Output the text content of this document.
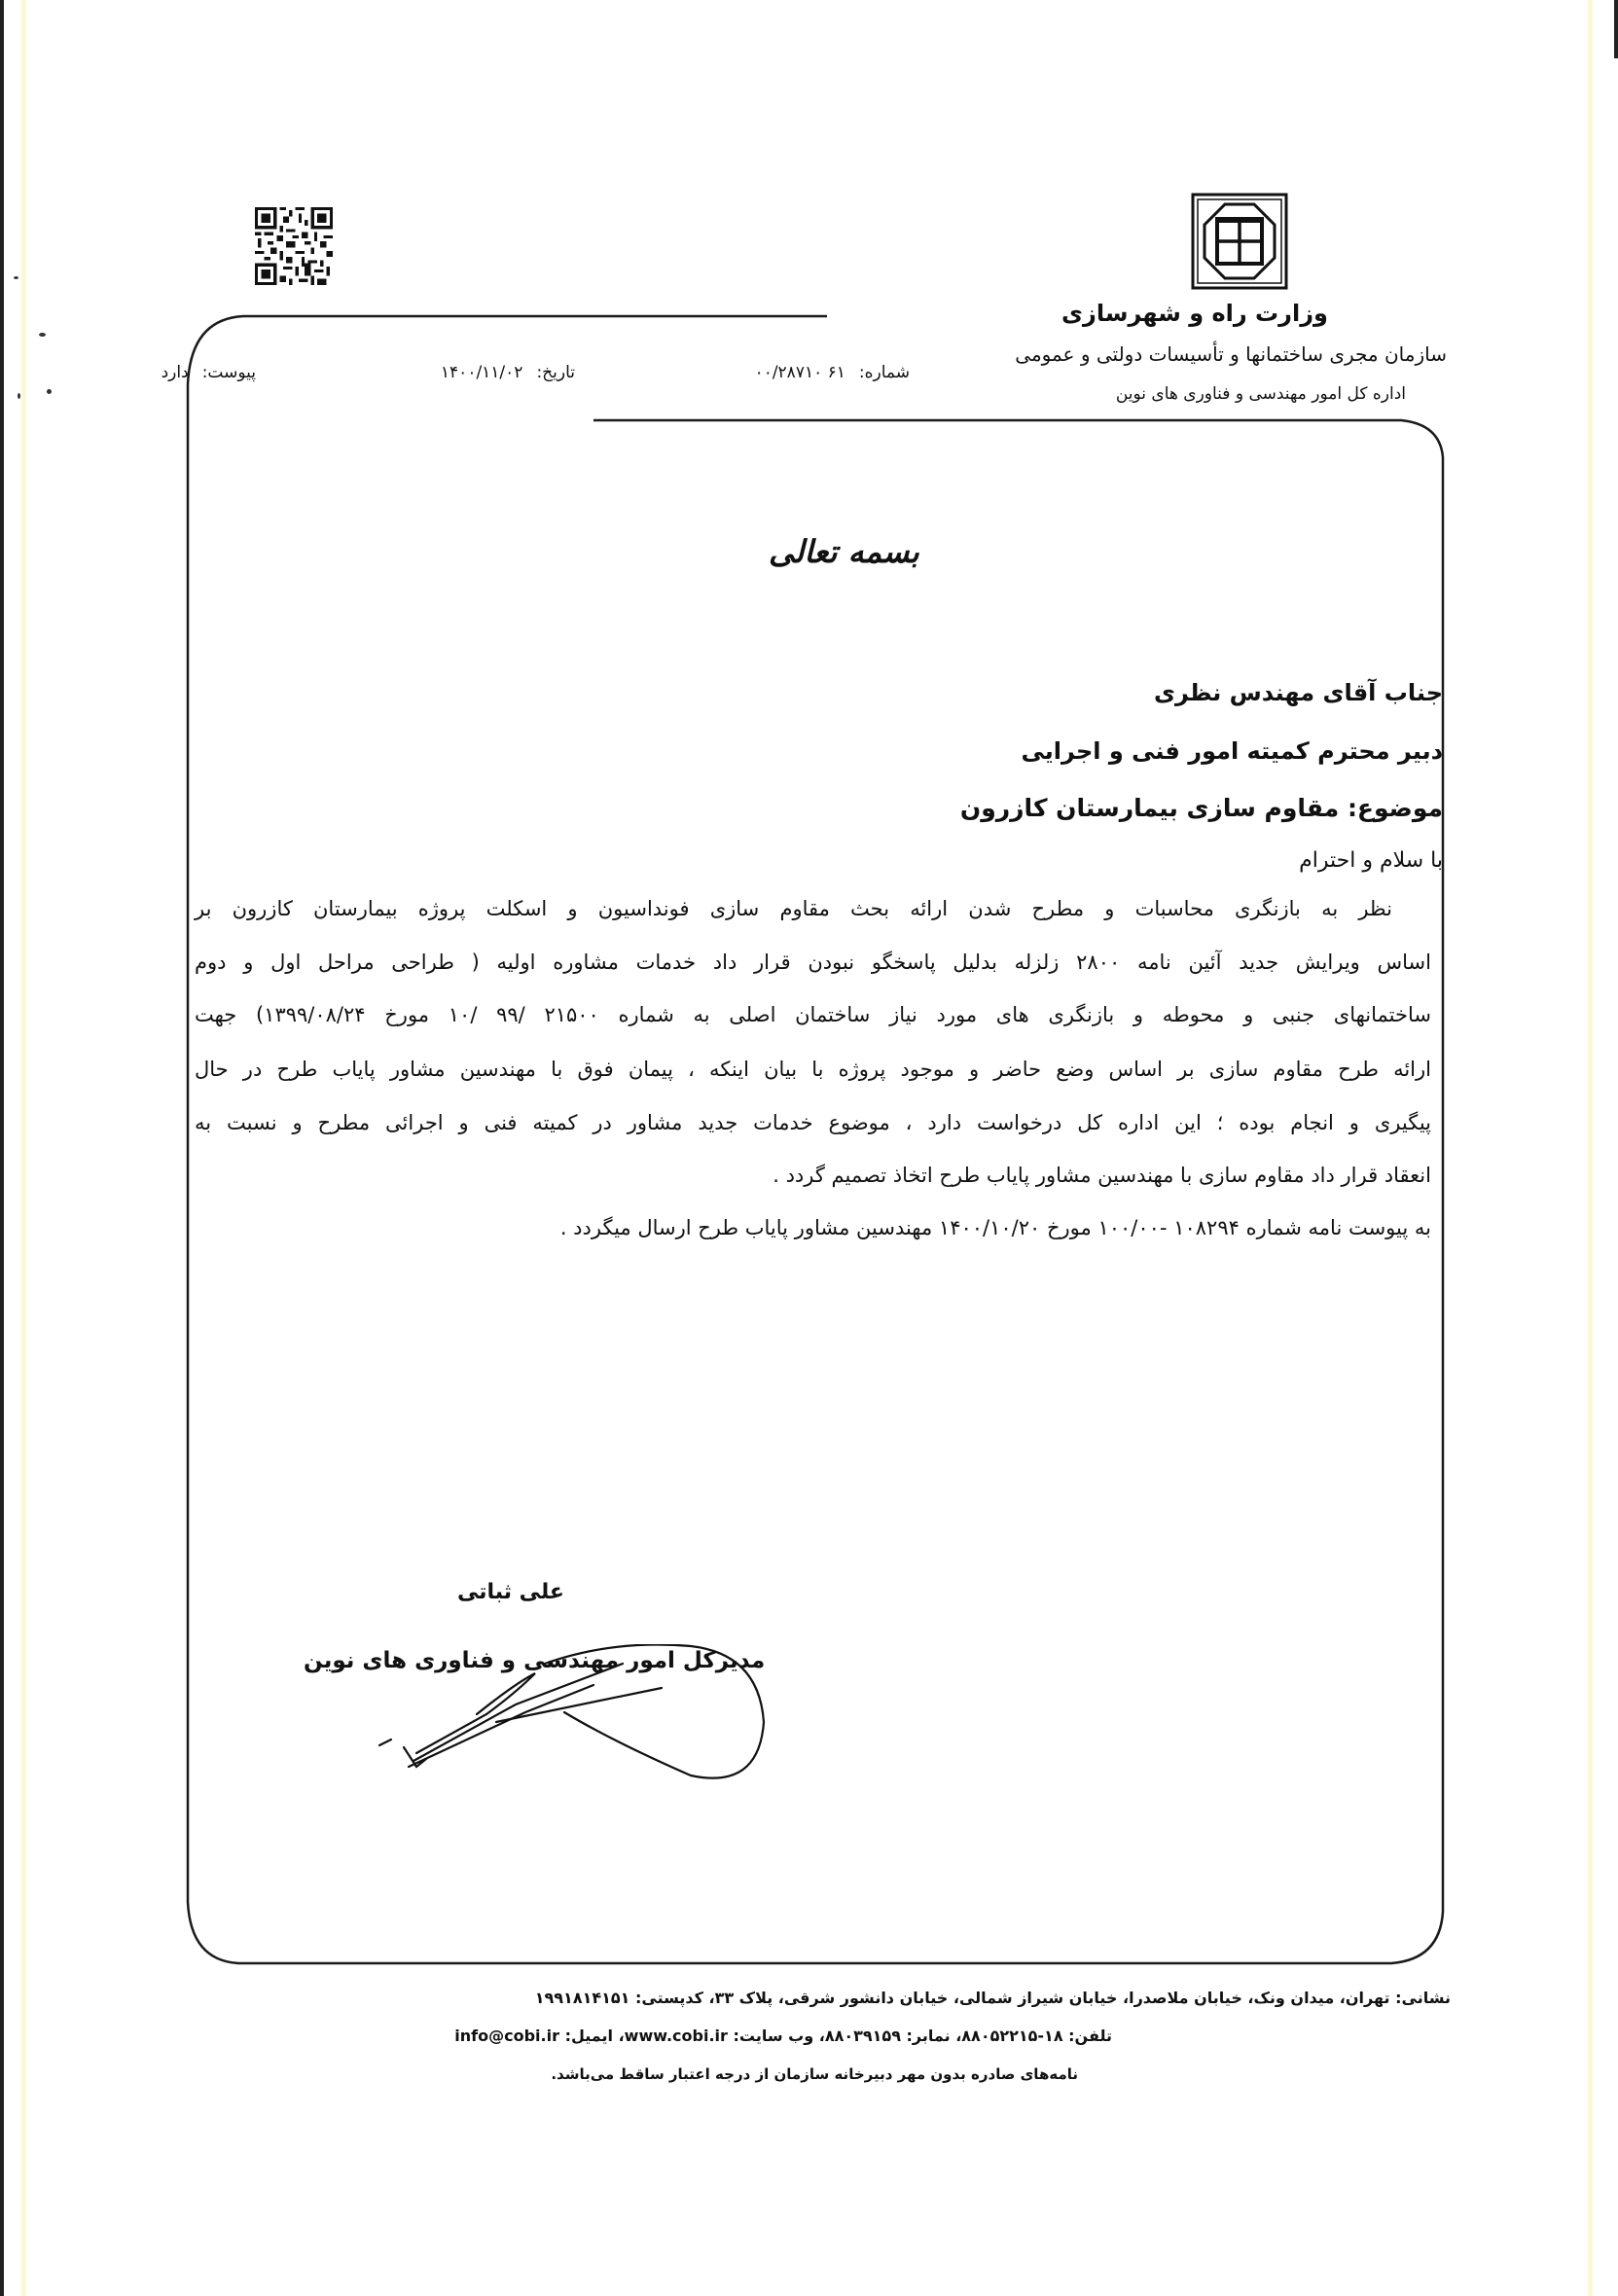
وزارت راه و شهرسازی
سازمان مجری ساختمانها و تأسیسات دولتی و عمومی
اداره کل امور مهندسی و فناوری های نوین
شماره:۶۱ ۰۰/۲۸۷۱۰
تاریخ:۱۴۰۰/۱۱/۰۲
پیوست:دارد
بسمه تعالی
جناب آقای مهندس نظری
دبیر محترم کمیته امور فنی و اجرایی
موضوع: مقاوم سازی بیمارستان کازرون
با سلام و احترام
نظر به بازنگری محاسبات و مطرح شدن ارائه بحث مقاوم سازی فونداسیون و اسکلت پروژه بیمارستان کازرون بر
اساس ویرایش جدید آئین نامه ۲۸۰۰ زلزله بدلیل پاسخگو نبودن قرار داد خدمات مشاوره اولیه ( طراحی مراحل اول و دوم
ساختمانهای جنبی و محوطه و بازنگری های مورد نیاز ساختمان اصلی به شماره ۲۱۵۰۰ /۹۹ /۱۰ مورخ ۱۳۹۹/۰۸/۲۴) جهت
ارائه طرح مقاوم سازی بر اساس وضع حاضر و موجود پروژه با بیان اینکه ، پیمان فوق با مهندسین مشاور پایاب طرح در حال
پیگیری و انجام بوده ؛ این اداره کل درخواست دارد ، موضوع خدمات جدید مشاور در کمیته فنی و اجرائی مطرح و نسبت به
انعقاد قرار داد مقاوم سازی با مهندسین مشاور پایاب طرح اتخاذ تصمیم گردد .
به پیوست نامه شماره ۱۰۸۲۹۴ -۱۰۰/۰۰ مورخ ۱۴۰۰/۱۰/۲۰ مهندسین مشاور پایاب طرح ارسال میگردد .
علی ثباتی
مدیرکل امور مهندسی و فناوری های نوین
نشانی: تهران، میدان ونک، خیابان ملاصدرا، خیابان شیراز شمالی، خیابان دانشور شرقی، پلاک ۳۳، کدپستی: ۱۹۹۱۸۱۴۱۵۱
تلفن: ۱۸-۸۸۰۵۲۲۱۵، نمابر: ۸۸۰۳۹۱۵۹، وب سایت: www.cobi.ir، ایمیل: info@cobi.ir
نامه‌های صادره بدون مهر دبیرخانه سازمان از درجه اعتبار ساقط می‌باشد.
